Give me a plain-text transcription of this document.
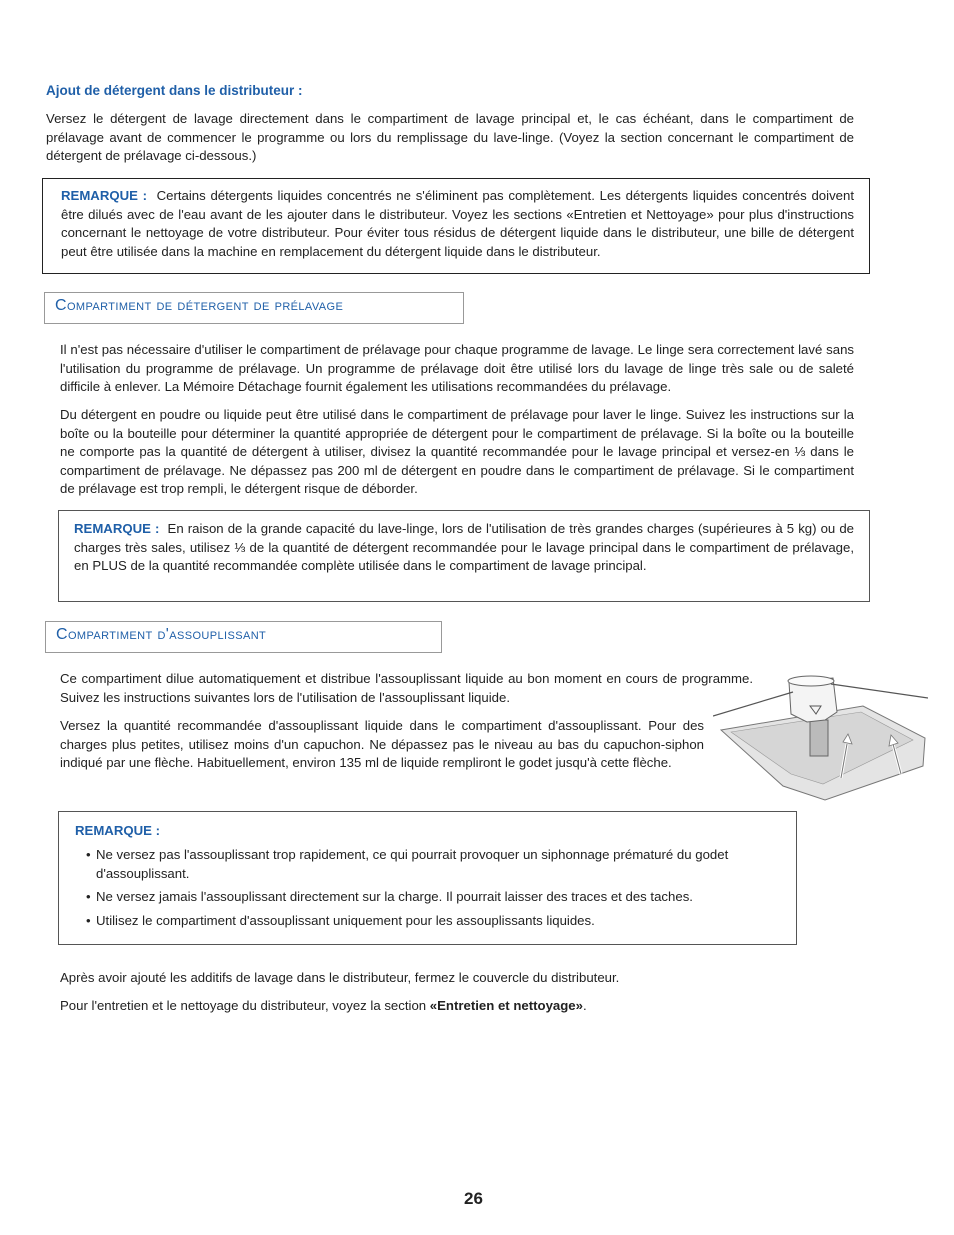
Ajout de détergent dans le distributeur :

Versez le détergent de lavage directement dans le compartiment de lavage principal et, le cas échéant, dans le compartiment de prélavage avant de commencer le programme ou lors du remplissage du lave-linge. (Voyez la section concernant le compartiment de détergent de prélavage ci-dessous.)

REMARQUE : Certains détergents liquides concentrés ne s'éliminent pas complètement. Les détergents liquides concentrés doivent être dilués avec de l'eau avant de les ajouter dans le distributeur. Voyez les sections «Entretien et Nettoyage» pour plus d'instructions concernant le nettoyage de votre distributeur. Pour éviter tous résidus de détergent liquide dans le distributeur, une bille de détergent peut être utilisée dans la machine en remplacement du détergent liquide dans le distributeur.

Compartiment de détergent de prélavage

Il n'est pas nécessaire d'utiliser le compartiment de prélavage pour chaque programme de lavage. Le linge sera correctement lavé sans l'utilisation du programme de prélavage. Un programme de prélavage doit être utilisé lors du lavage de linge très sale ou de saleté difficile à enlever. La Mémoire Détachage fournit également les utilisations recommandées du prélavage.

Du détergent en poudre ou liquide peut être utilisé dans le compartiment de prélavage pour laver le linge. Suivez les instructions sur la boîte ou la bouteille pour déterminer la quantité appropriée de détergent pour le compartiment de prélavage. Si la boîte ou la bouteille ne comporte pas la quantité de détergent à utiliser, divisez la quantité recommandée pour le lavage principal et versez-en ⅓ dans le compartiment de prélavage. Ne dépassez pas 200 ml de détergent en poudre dans le compartiment de prélavage. Si le compartiment de prélavage est trop rempli, le détergent risque de déborder.

REMARQUE : En raison de la grande capacité du lave-linge, lors de l'utilisation de très grandes charges (supérieures à 5 kg) ou de charges très sales, utilisez ⅓ de la quantité de détergent recommandée pour le lavage principal dans le compartiment de prélavage, en PLUS de la quantité recommandée complète utilisée dans le compartiment de lavage principal.

Compartiment d'assouplissant

Ce compartiment dilue automatiquement et distribue l'assouplissant liquide au bon moment en cours de programme. Suivez les instructions suivantes lors de l'utilisation de l'assouplissant liquide.

Versez la quantité recommandée d'assouplissant liquide dans le compartiment d'assouplissant. Pour des charges plus petites, utilisez moins d'un capuchon. Ne dépassez pas le niveau au bas du capuchon-siphon indiqué par une flèche. Habituellement, environ 135 ml de liquide rempliront le godet jusqu'à cette flèche.

REMARQUE :
• Ne versez pas l'assouplissant trop rapidement, ce qui pourrait provoquer un siphonnage prématuré du godet d'assouplissant.
• Ne versez jamais l'assouplissant directement sur la charge. Il pourrait laisser des traces et des taches.
• Utilisez le compartiment d'assouplissant uniquement pour les assouplissants liquides.

Après avoir ajouté les additifs de lavage dans le distributeur, fermez le couvercle du distributeur.

Pour l'entretien et le nettoyage du distributeur, voyez la section «Entretien et nettoyage».

26
